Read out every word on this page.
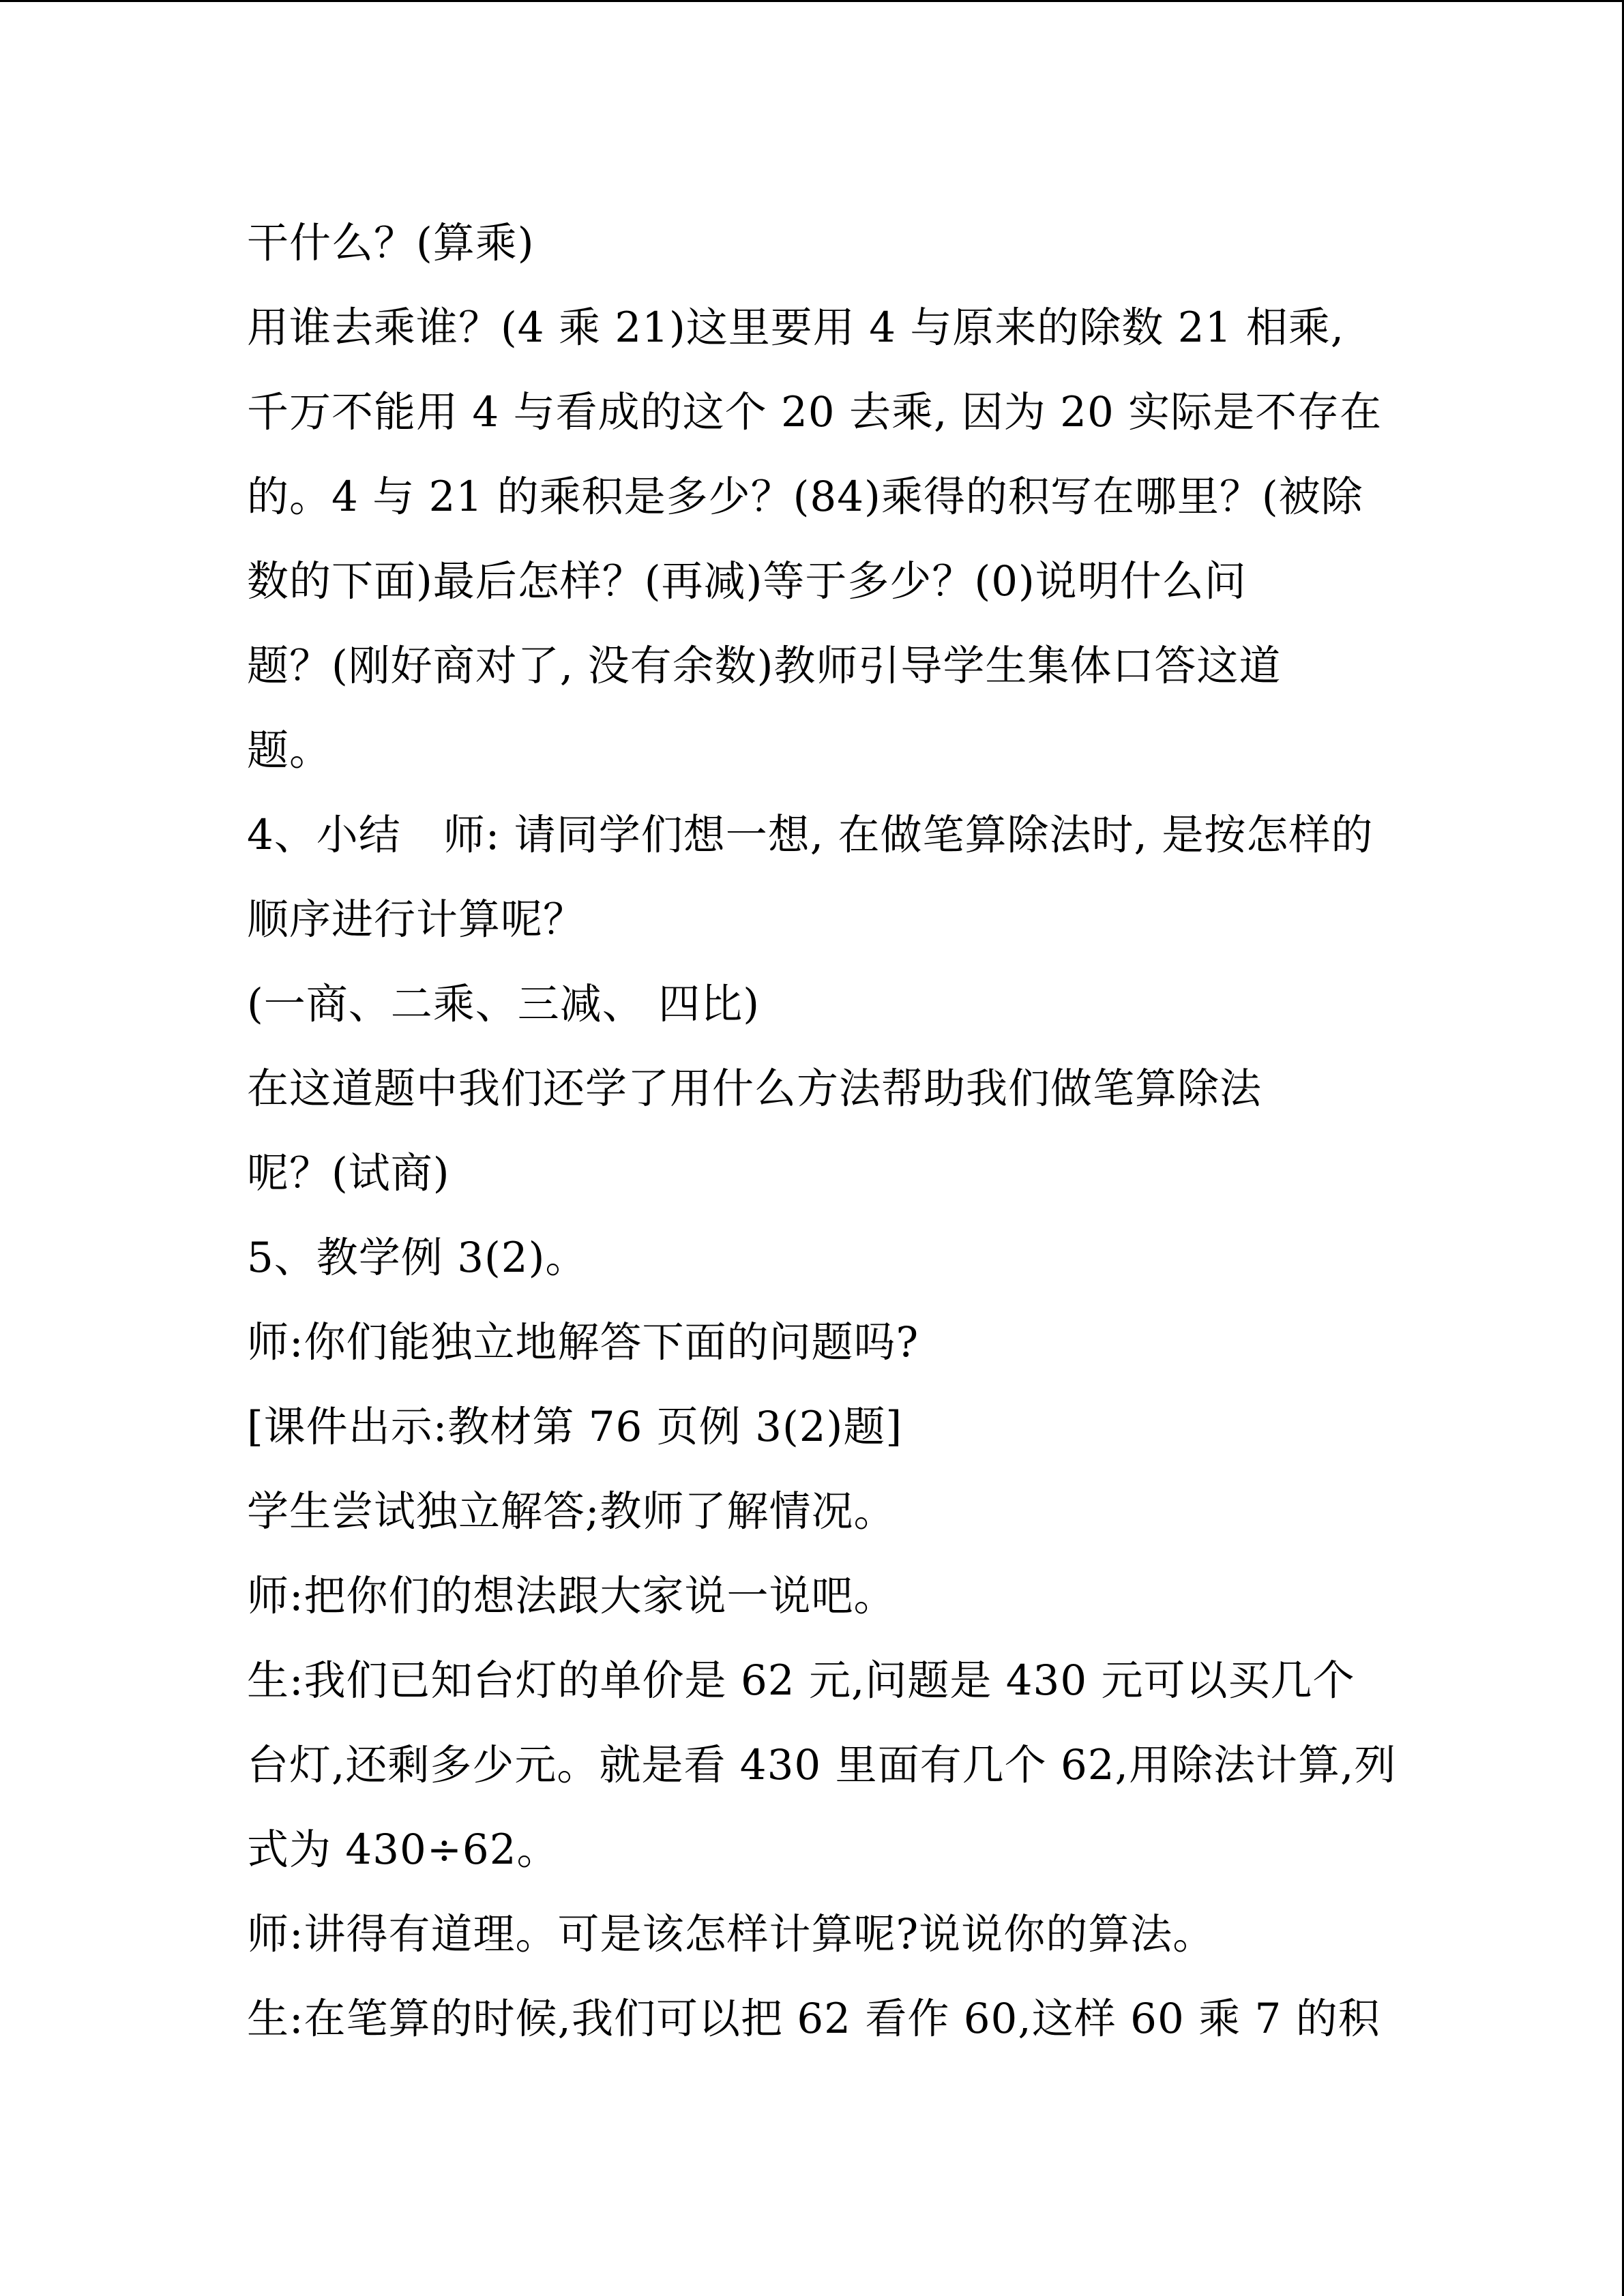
干什么？(算乘)
用谁去乘谁？(4 乘 21)这里要用 4 与原来的除数 21 相乘,
千万不能用 4 与看成的这个 20 去乘, 因为 20 实际是不存在
的。4 与 21 的乘积是多少？(84)乘得的积写在哪里？(被除
数的下面)最后怎样？(再减)等于多少？(0)说明什么问
题？(刚好商对了, 没有余数)教师引导学生集体口答这道
题。
4、小结　师: 请同学们想一想, 在做笔算除法时, 是按怎样的
顺序进行计算呢？
(一商、二乘、三减、 四比)
在这道题中我们还学了用什么方法帮助我们做笔算除法
呢？(试商)
5、教学例 3(2)。
师:你们能独立地解答下面的问题吗?
[课件出示:教材第 76 页例 3(2)题]
学生尝试独立解答;教师了解情况。
师:把你们的想法跟大家说一说吧。
生:我们已知台灯的单价是 62 元,问题是 430 元可以买几个
台灯,还剩多少元。就是看 430 里面有几个 62,用除法计算,列
式为 430÷62。
师:讲得有道理。可是该怎样计算呢?说说你的算法。
生:在笔算的时候,我们可以把 62 看作 60,这样 60 乘 7 的积
